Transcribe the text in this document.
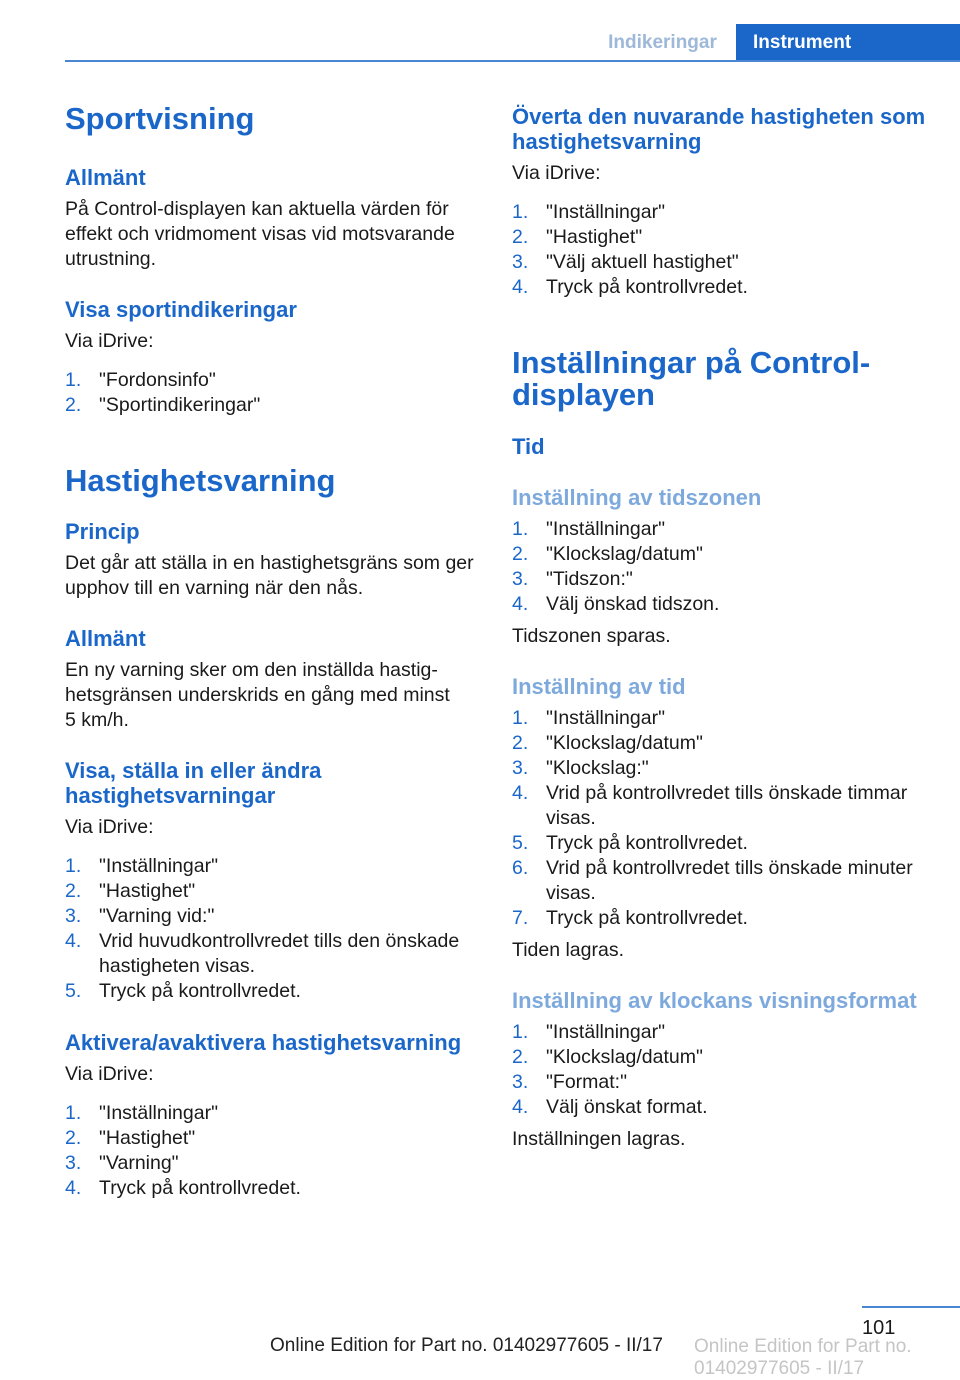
Indikeringar	Instrument
Sportvisning
Allmänt

På Control-displayen kan aktuella värden för effekt och vridmoment visas vid motsvarande utrustning.

Visa sportindikeringar

Via iDrive:

1. "Fordonsinfo"
2. "Sportindikeringar"
Hastighetsvarning
Princip

Det går att ställa in en hastighetsgräns som ger upphov till en varning när den nås.

Allmänt

En ny varning sker om den inställda hastig‐
hetsgränsen underskrids en gång med minst
5 km/h.

Visa, ställa in eller ändra hastighetsvarningar

Via iDrive:

1. "Inställningar"
2. "Hastighet"
3. "Varning vid:"
4. Vrid huvudkontrollvredet tills den önskade hastigheten visas.
5. Tryck på kontrollvredet.
Aktivera/avaktivera hastighetsvarning

Via iDrive:

1. "Inställningar"
2. "Hastighet"
3. "Varning"
4. Tryck på kontrollvredet.
Överta den nuvarande hastigheten som hastighetsvarning

Via iDrive:

1. "Inställningar"
2. "Hastighet"
3. "Välj aktuell hastighet"
4. Tryck på kontrollvredet.
Inställningar på Control‐displayen
Tid
Inställning av tidszonen
1. "Inställningar"
2. "Klockslag/datum"
3. "Tidszon:"
4. Välj önskad tidszon.

Tidszonen sparas.

Inställning av tid
1. "Inställningar"
2. "Klockslag/datum"
3. "Klockslag:"
4. Vrid på kontrollvredet tills önskade timmar visas.
5. Tryck på kontrollvredet.
6. Vrid på kontrollvredet tills önskade minuter visas.
7. Tryck på kontrollvredet.

Tiden lagras.

Inställning av klockans visningsformat
1. "Inställningar"
2. "Klockslag/datum"
3. "Format:"
4. Välj önskat format.

Inställningen lagras.

101
Online Edition for Part no. 01402977605 - II/17 Online Edition for Part no. 01402977605 - II/17
